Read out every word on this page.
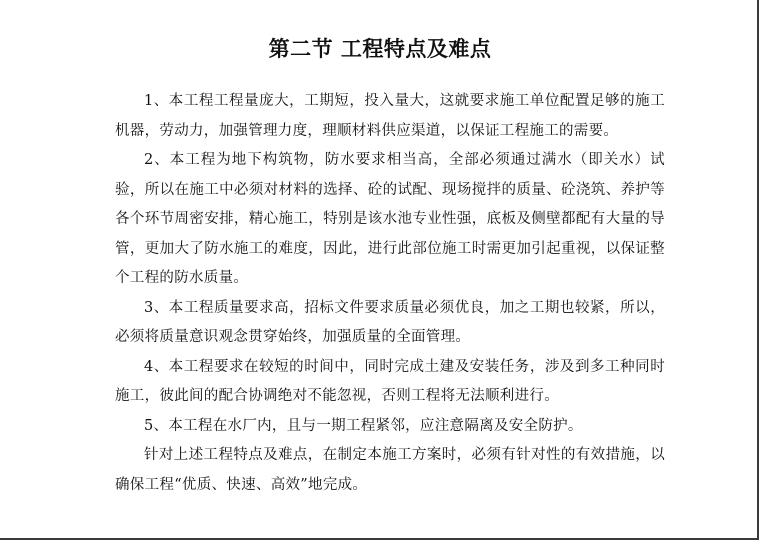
第二节 工程特点及难点

1、本工程工程量庞大，工期短，投入量大，这就要求施工单位配置足够的施工机器，劳动力，加强管理力度，理顺材料供应渠道，以保证工程施工的需要。

2、本工程为地下构筑物，防水要求相当高，全部必须通过满水（即关水）试验，所以在施工中必须对材料的选择、砼的试配、现场搅拌的质量、砼浇筑、养护等各个环节周密安排，精心施工，特别是该水池专业性强，底板及侧壁都配有大量的导管，更加大了防水施工的难度，因此，进行此部位施工时需更加引起重视，以保证整个工程的防水质量。

3、本工程质量要求高，招标文件要求质量必须优良，加之工期也较紧，所以，必须将质量意识观念贯穿始终，加强质量的全面管理。

4、本工程要求在较短的时间中，同时完成土建及安装任务，涉及到多工种同时施工，彼此间的配合协调绝对不能忽视，否则工程将无法顺利进行。

5、本工程在水厂内，且与一期工程紧邻，应注意隔离及安全防护。

针对上述工程特点及难点，在制定本施工方案时，必须有针对性的有效措施，以确保工程“优质、快速、高效”地完成。
